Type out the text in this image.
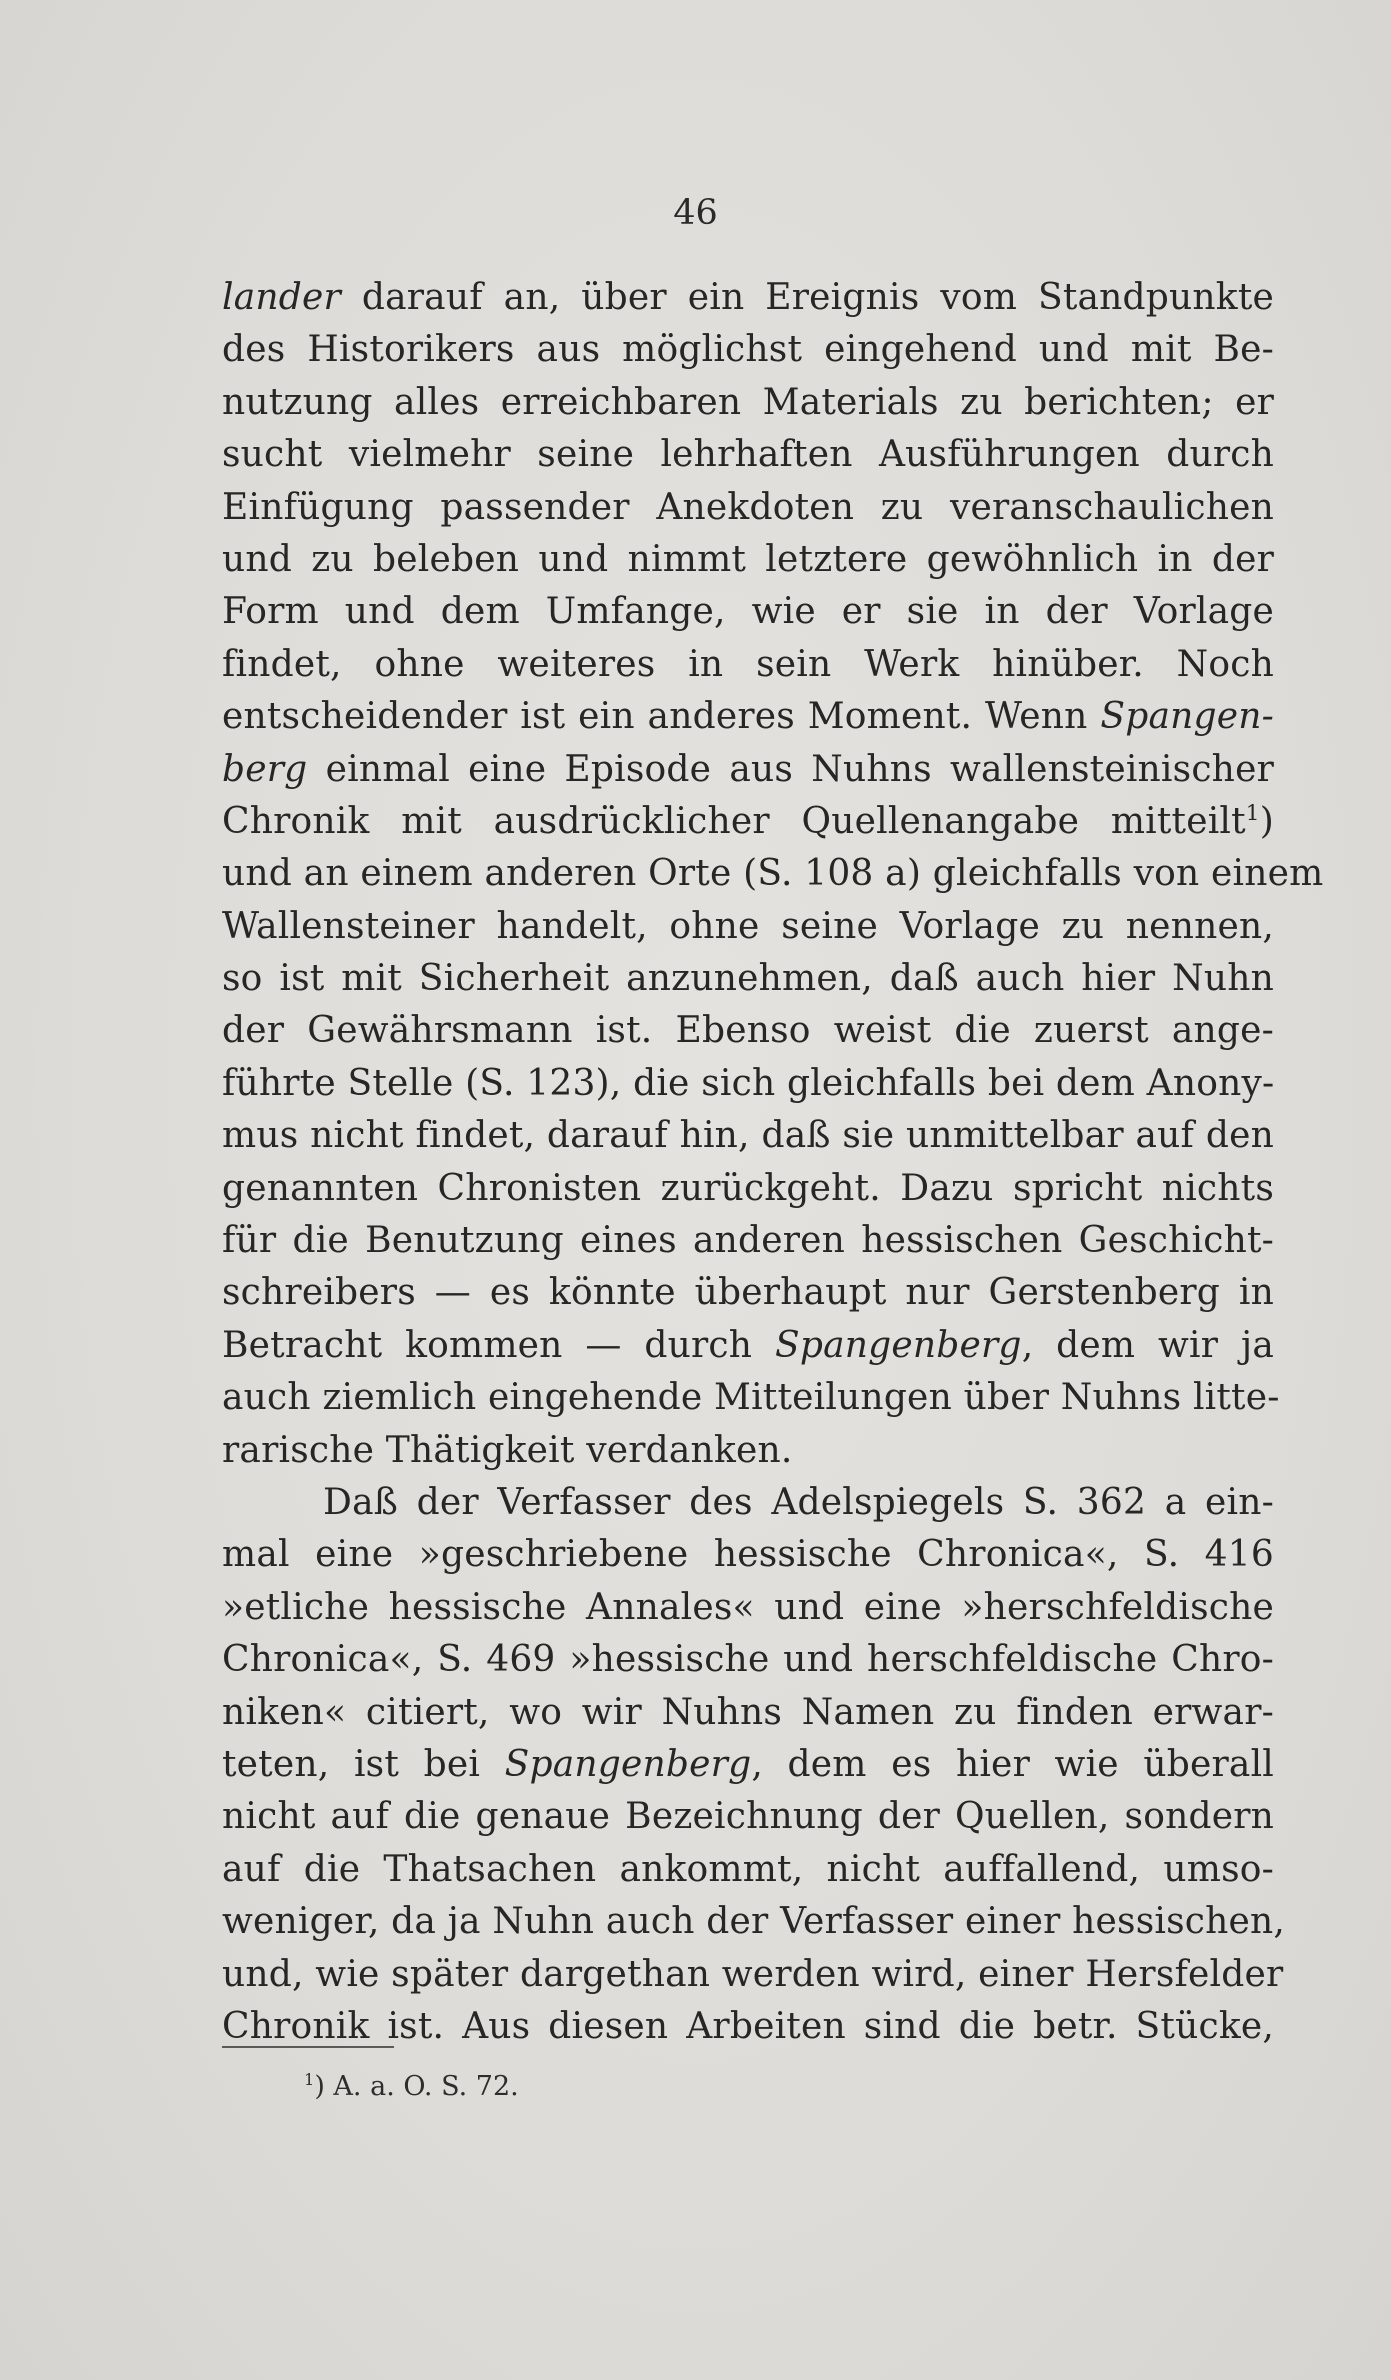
46
lander darauf an, über ein Ereignis vom Standpunkte
des Historikers aus möglichst eingehend und mit Be-
nutzung alles erreichbaren Materials zu berichten; er
sucht vielmehr seine lehrhaften Ausführungen durch
Einfügung passender Anekdoten zu veranschaulichen
und zu beleben und nimmt letztere gewöhnlich in der
Form und dem Umfange, wie er sie in der Vorlage
findet, ohne weiteres in sein Werk hinüber. Noch
entscheidender ist ein anderes Moment. Wenn Spangen-
berg einmal eine Episode aus Nuhns wallensteinischer
Chronik mit ausdrücklicher Quellenangabe mitteilt$^1$)
und an einem anderen Orte (S. 108 a) gleichfalls von einem
Wallensteiner handelt, ohne seine Vorlage zu nennen,
so ist mit Sicherheit anzunehmen, daß auch hier Nuhn
der Gewährsmann ist. Ebenso weist die zuerst ange-
führte Stelle (S. 123), die sich gleichfalls bei dem Anony-
mus nicht findet, darauf hin, daß sie unmittelbar auf den
genannten Chronisten zurückgeht. Dazu spricht nichts
für die Benutzung eines anderen hessischen Geschicht-
schreibers — es könnte überhaupt nur Gerstenberg in
Betracht kommen — durch Spangenberg, dem wir ja
auch ziemlich eingehende Mitteilungen über Nuhns litte-
rarische Thätigkeit verdanken.
Daß der Verfasser des Adelspiegels S. 362 a ein-
mal eine »geschriebene hessische Chronica«, S. 416
»etliche hessische Annales« und eine »herschfeldische
Chronica«, S. 469 »hessische und herschfeldische Chro-
niken« citiert, wo wir Nuhns Namen zu finden erwar-
teten, ist bei Spangenberg, dem es hier wie überall
nicht auf die genaue Bezeichnung der Quellen, sondern
auf die Thatsachen ankommt, nicht auffallend, umso-
weniger, da ja Nuhn auch der Verfasser einer hessischen,
und, wie später dargethan werden wird, einer Hersfelder
Chronik ist. Aus diesen Arbeiten sind die betr. Stücke,
$^1$) A. a. O. S. 72.
